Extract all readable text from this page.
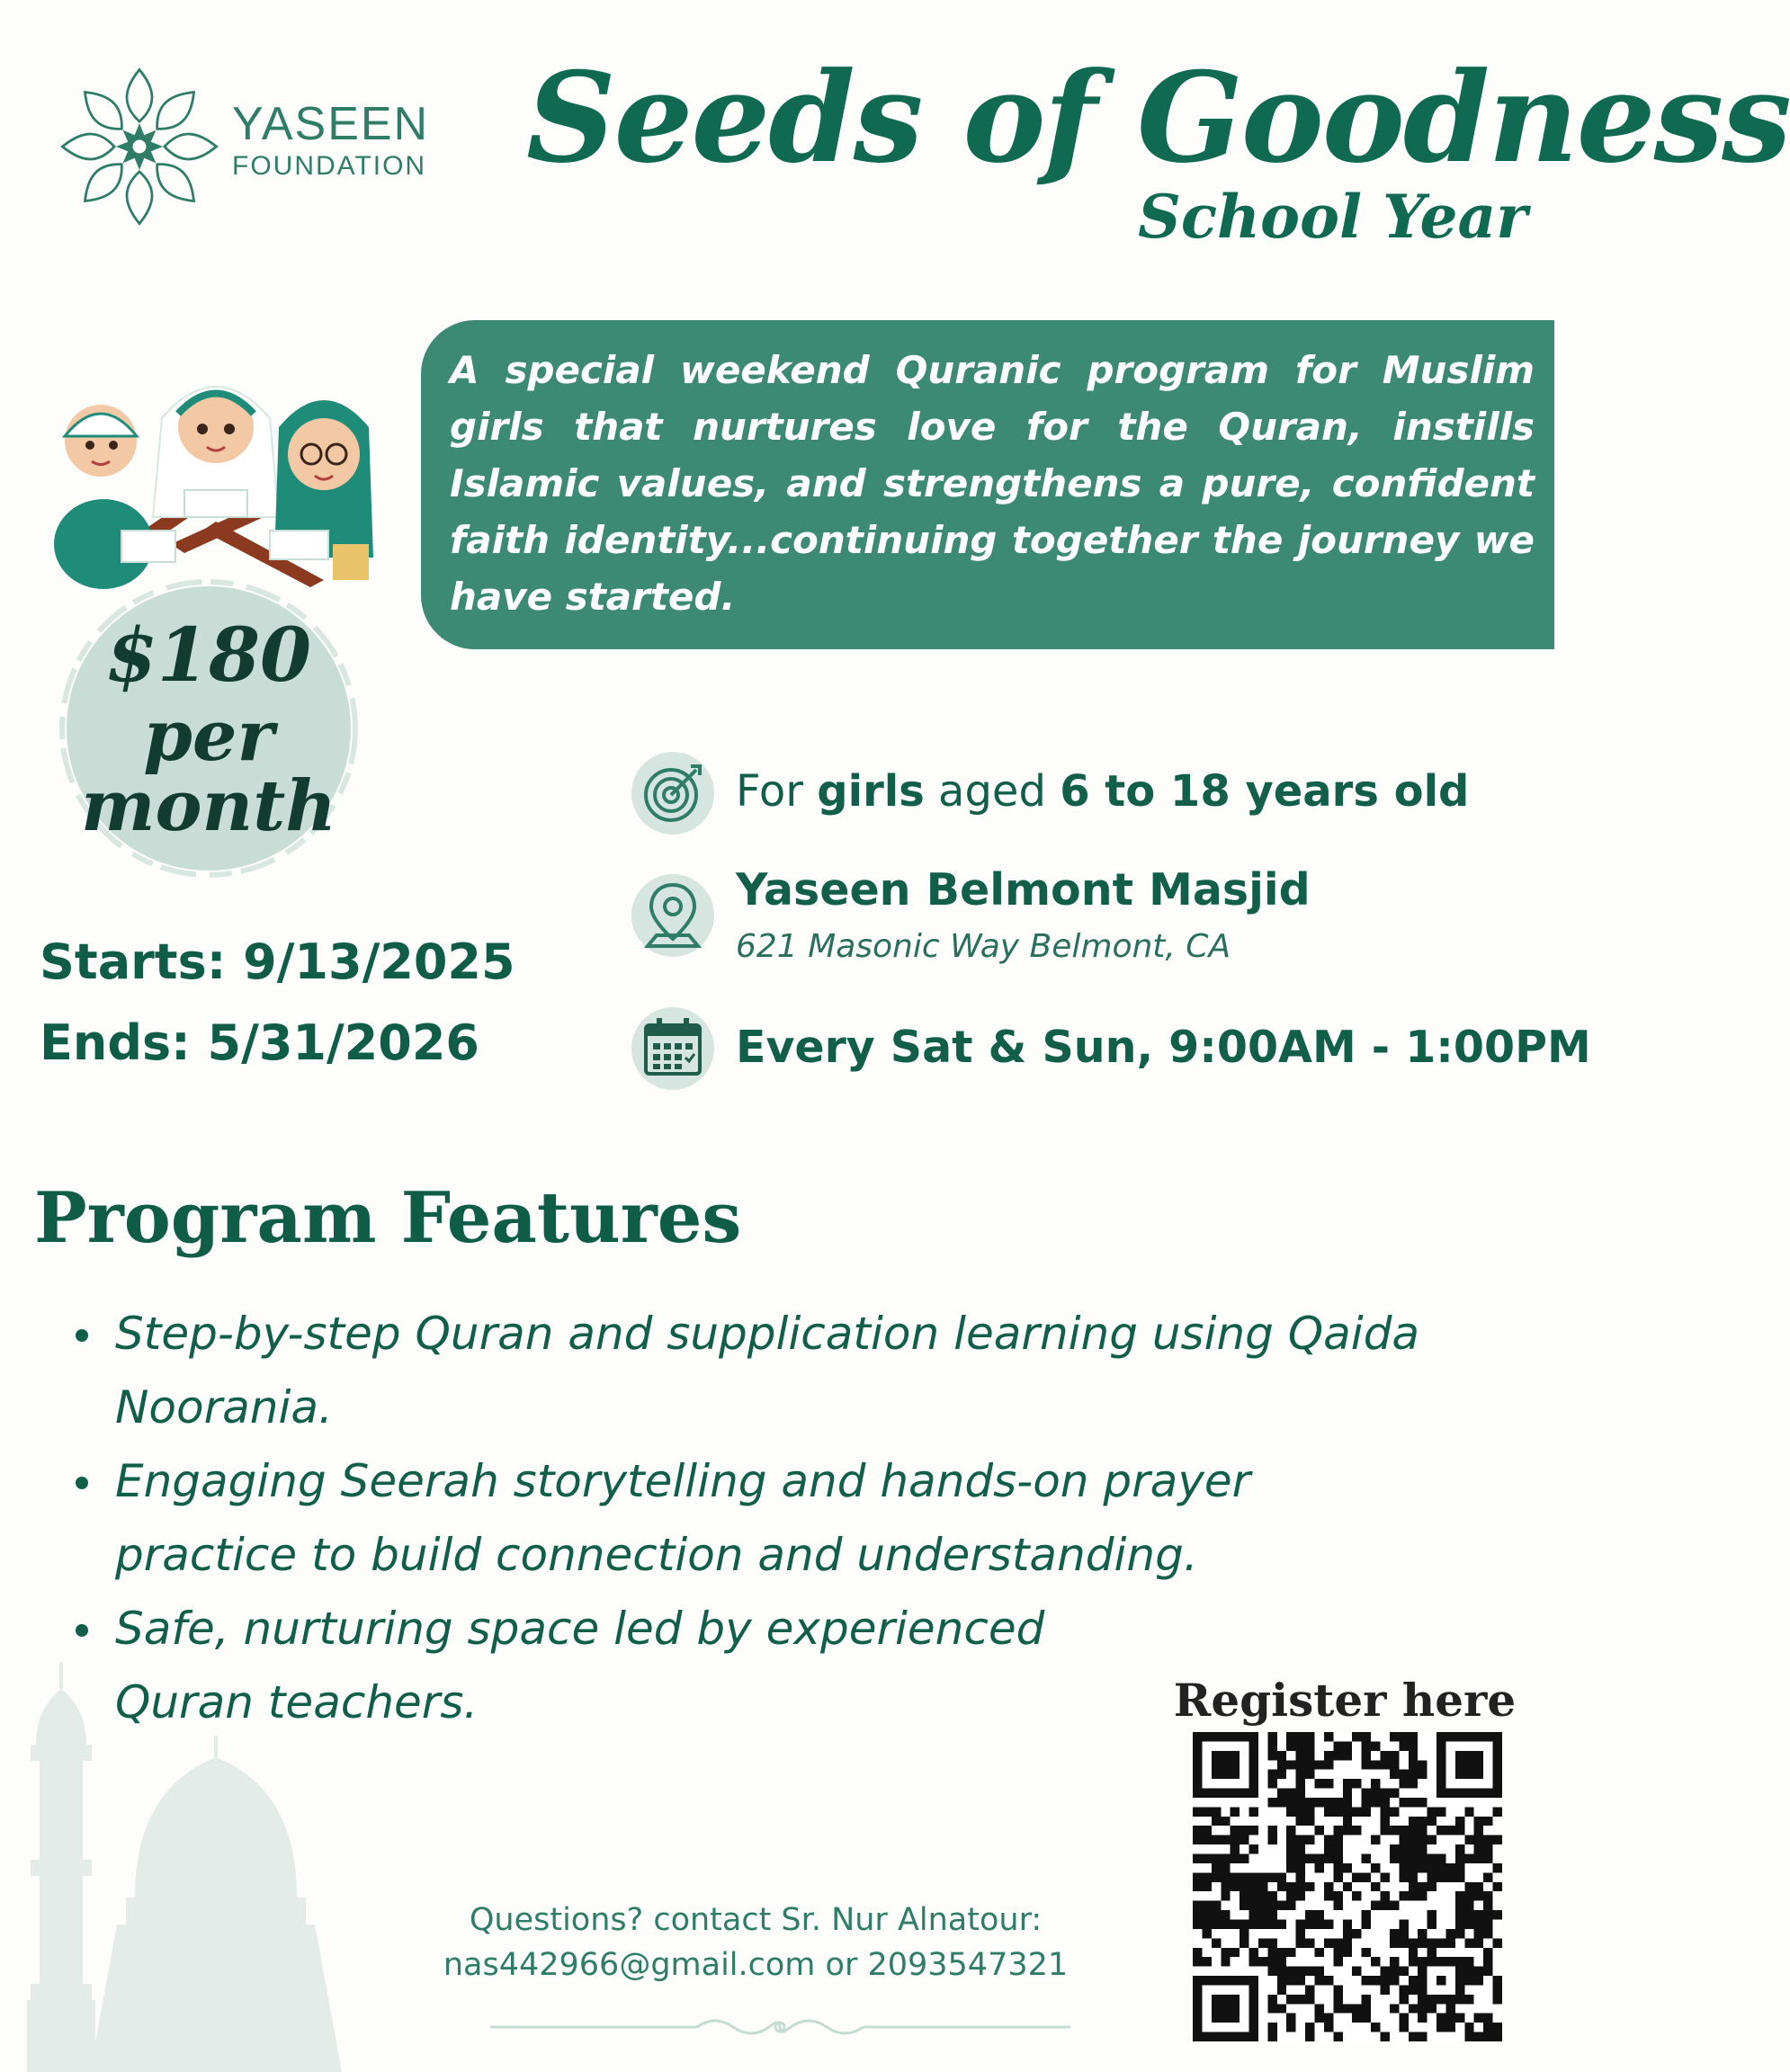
YASEEN
FOUNDATION Seeds of Goodness
School Year
$180
per
month
A special weekend Quranic program for Muslim girls that nurtures love for the Quran, instills Islamic values, and strengthens a pure, confident faith identity...continuing together the journey we have started.
Starts: 9/13/2025
Ends: 5/31/2026
For girls aged 6 to 18 years old
Yaseen Belmont Masjid
621 Masonic Way Belmont, CA
Every Sat & Sun, 9:00AM - 1:00PM
Program Features
Step-by-step Quran and supplication learning using Qaida Noorania.
Engaging Seerah storytelling and hands-on prayer practice to build connection and understanding.
Safe, nurturing space led by experienced Quran teachers.
Questions? contact Sr. Nur Alnatour:
nas442966@gmail.com or 2093547321
Register here
